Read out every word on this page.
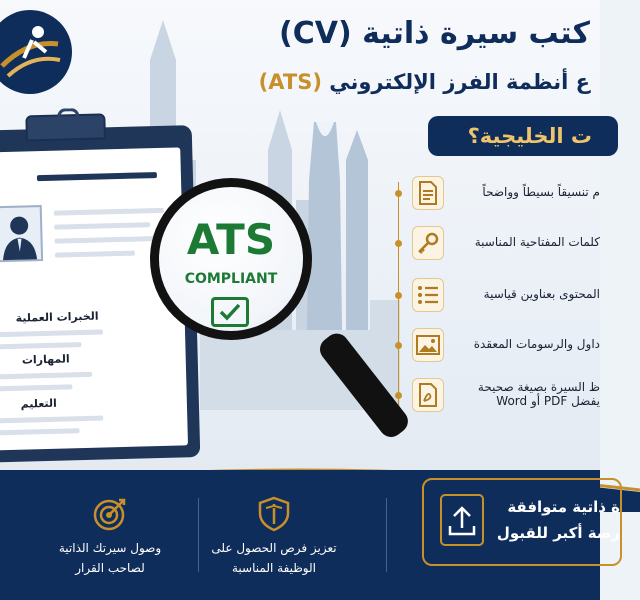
كتب سيرة ذاتية (CV)
ع أنظمة الفرز الإلكتروني (ATS)
ت الخليجية؟
م تنسيقاً بسيطاً وواضحاً
كلمات المفتاحية المناسبة
المحتوى بعناوين قياسية
داول والرسومات المعقدة
ظ السيرة بصيغة صحيحة
يفضل PDF أو Word
الخبرات العملية
المهارات
التعليم
ATS
COMPLIANT
وصول سيرتك الذاتية
لصاحب القرار
تعزيز فرص الحصول على
الوظيفة المناسبة
ة ذاتية متوافقة
رصة أكبر للقبول
